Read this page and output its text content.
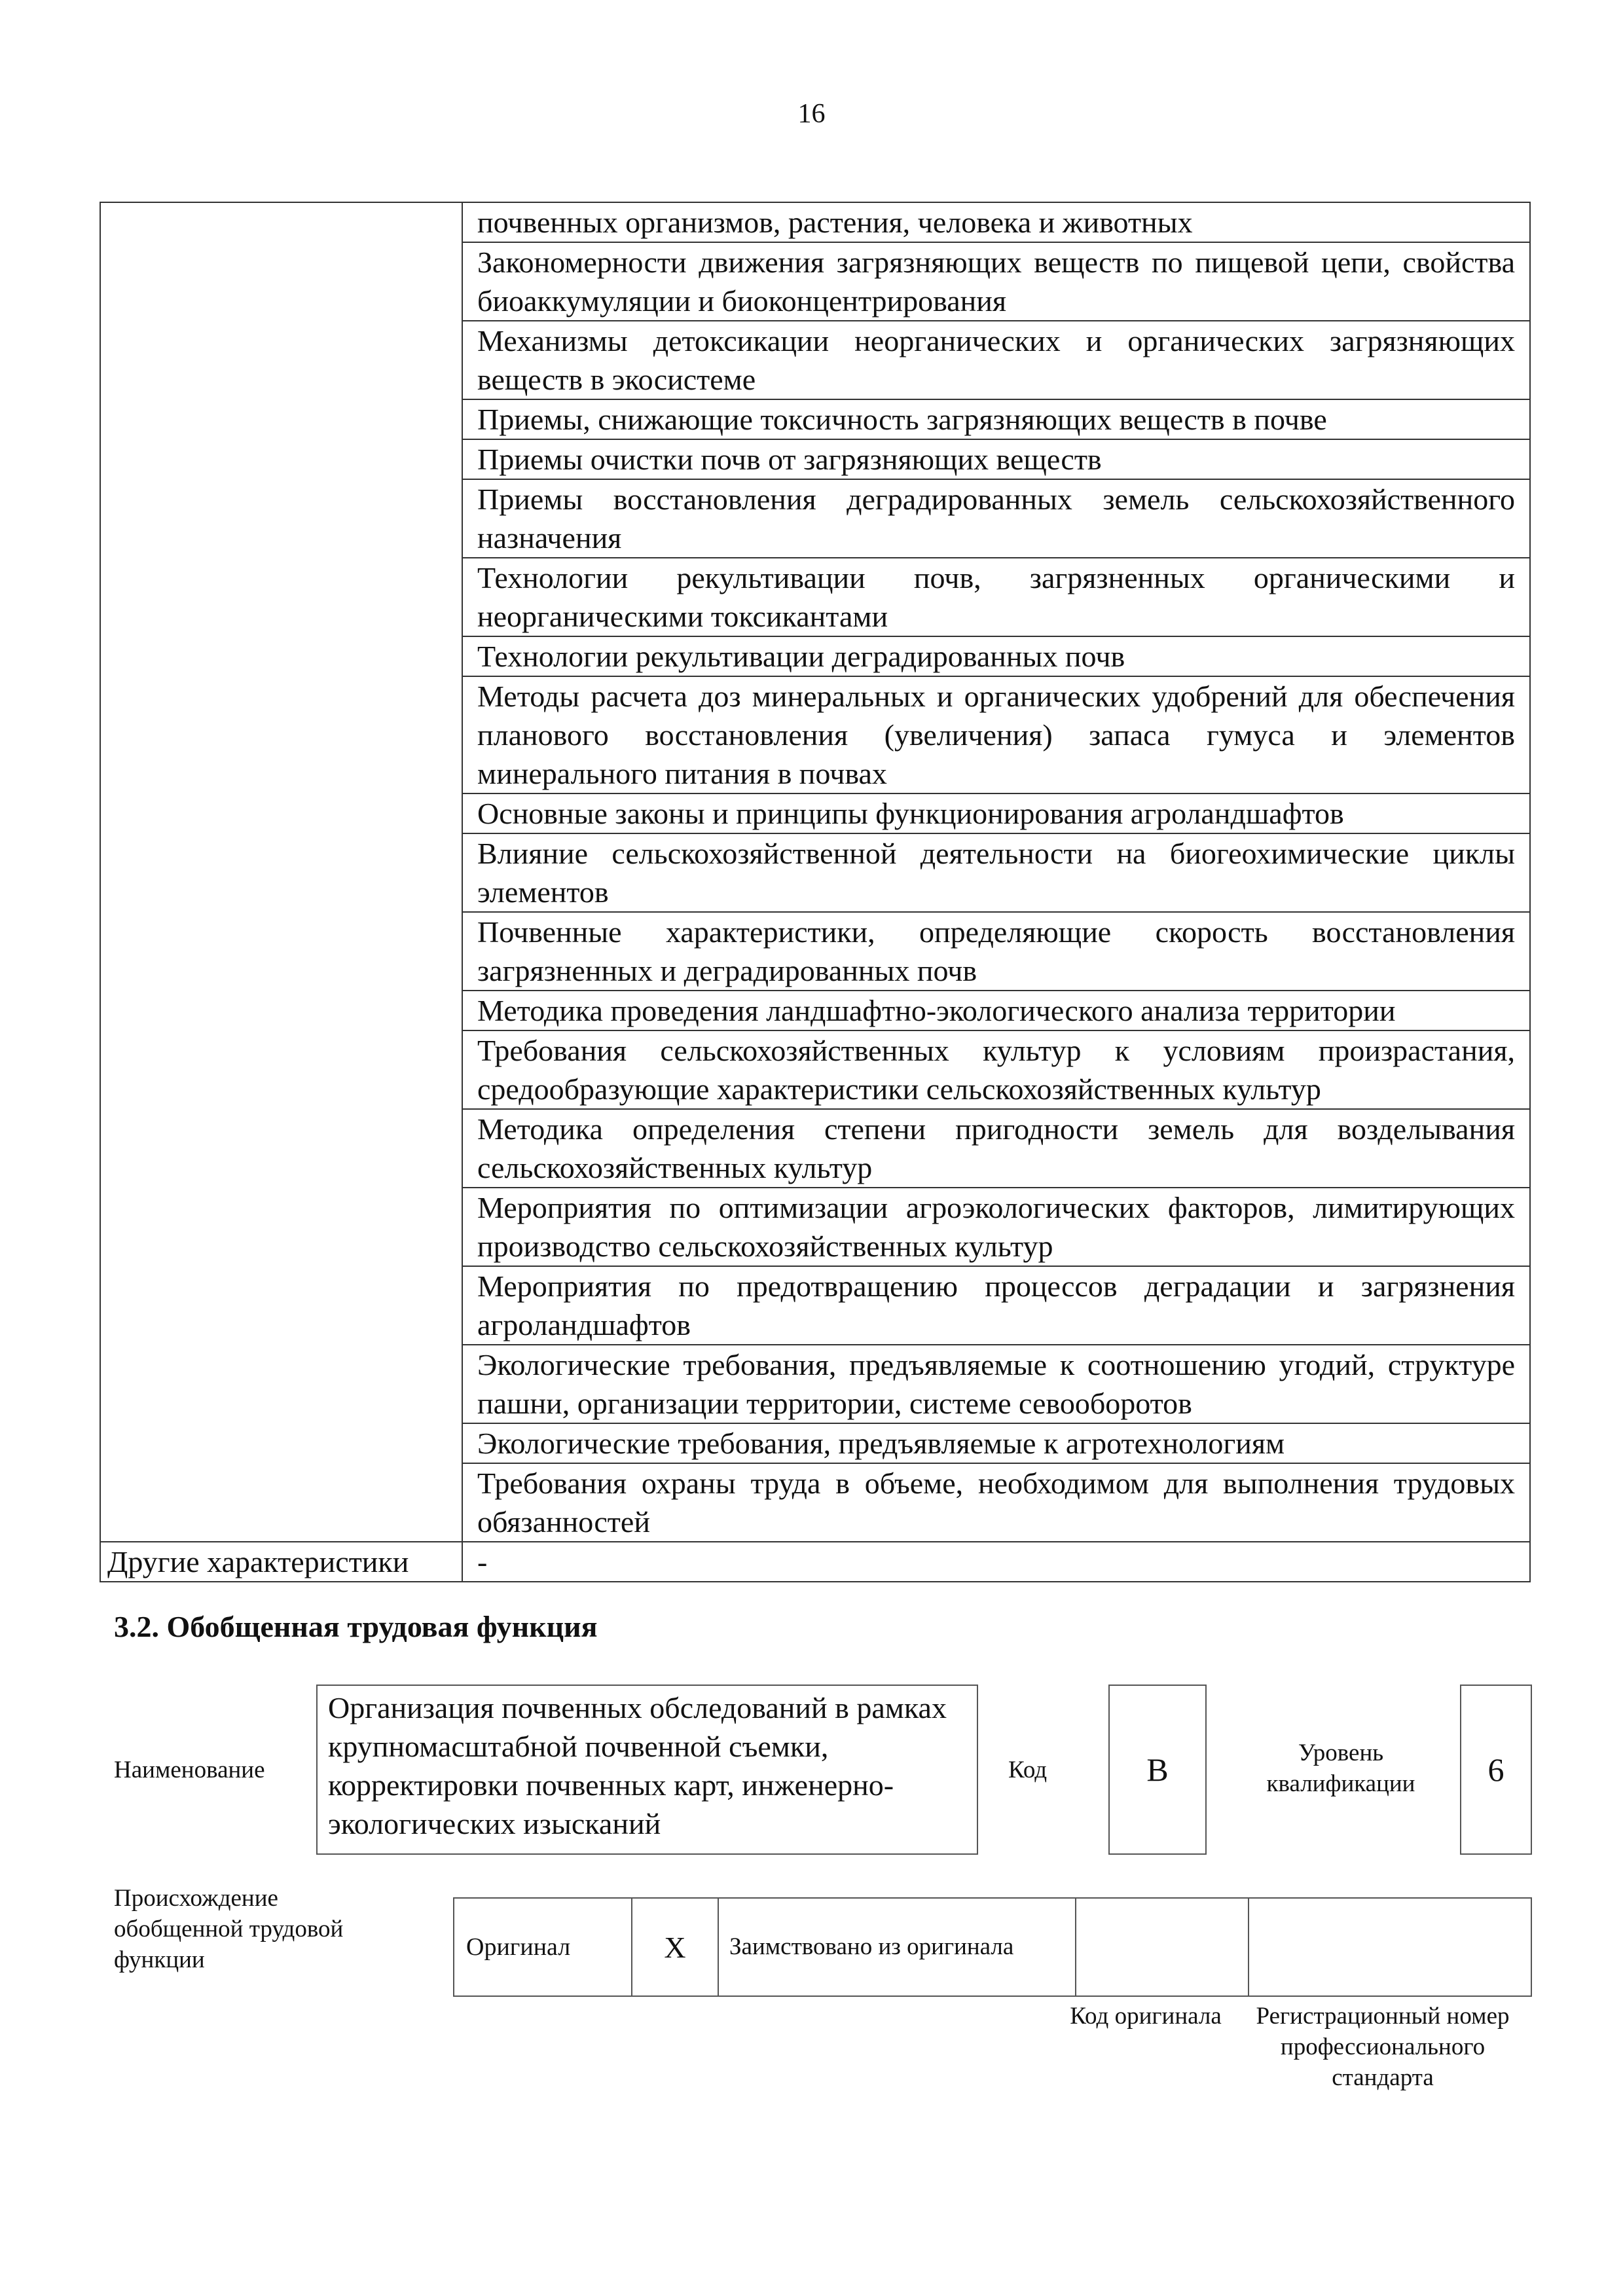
16
	почвенных организмов, растения, человека и животных
	Закономерности движения загрязняющих веществ по пищевой цепи, свойства биоаккумуляции и биоконцентрирования
	Механизмы детоксикации неорганических и органических загрязняющих веществ в экосистеме
	Приемы, снижающие токсичность загрязняющих веществ в почве
	Приемы очистки почв от загрязняющих веществ
	Приемы восстановления деградированных земель сельскохозяйственного назначения
	Технологии рекультивации почв, загрязненных органическими и неорганическими токсикантами
	Технологии рекультивации деградированных почв
	Методы расчета доз минеральных и органических удобрений для обеспечения планового восстановления (увеличения) запаса гумуса и элементов минерального питания в почвах
	Основные законы и принципы функционирования агроландшафтов
	Влияние сельскохозяйственной деятельности на биогеохимические циклы элементов
	Почвенные характеристики, определяющие скорость восстановления загрязненных и деградированных почв
	Методика проведения ландшафтно-экологического анализа территории
	Требования сельскохозяйственных культур к условиям произрастания, средообразующие характеристики сельскохозяйственных культур
	Методика определения степени пригодности земель для возделывания сельскохозяйственных культур
	Мероприятия по оптимизации агроэкологических факторов, лимитирующих производство сельскохозяйственных культур
	Мероприятия по предотвращению процессов деградации и загрязнения агроландшафтов
	Экологические требования, предъявляемые к соотношению угодий, структуре пашни, организации территории, системе севооборотов
	Экологические требования, предъявляемые к агротехнологиям
	Требования охраны труда в объеме, необходимом для выполнения трудовых обязанностей
Другие характеристики	-
3.2. Обобщенная трудовая функция
Наименование
Организация почвенных обследований в рамках крупномасштабной почвенной съемки, корректировки почвенных карт, инженерно-экологических изысканий
Код	B	Уровень квалификации	6
Происхождение обобщенной трудовой функции	Оригинал	X	Заимствовано из оригинала		
Код оригинала	Регистрационный номер профессионального стандарта
